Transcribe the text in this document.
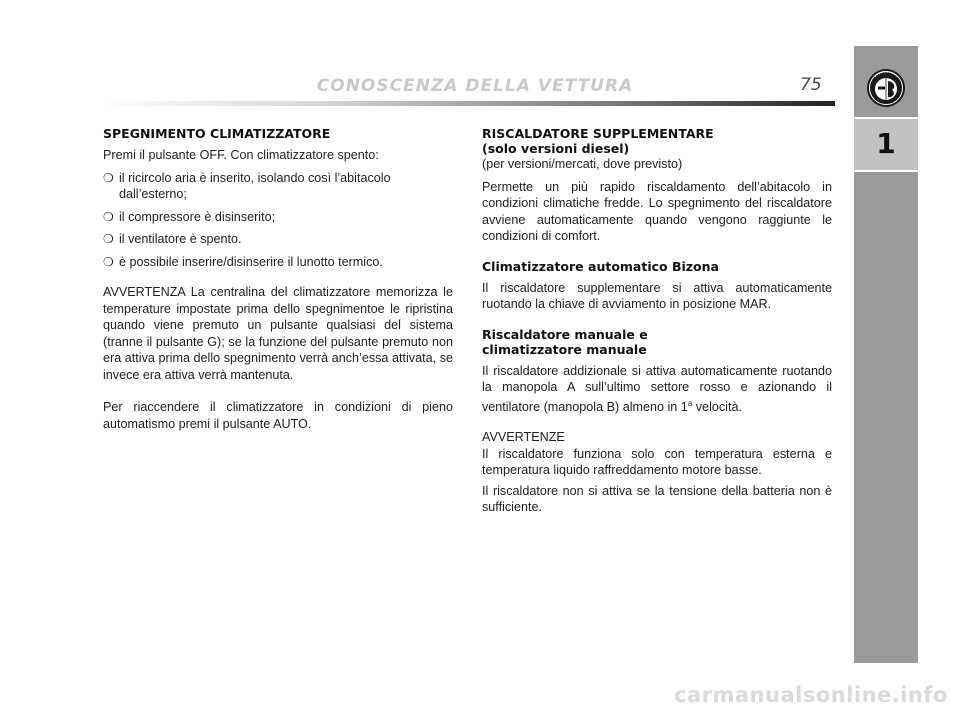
1
CONOSCENZA DELLA VETTURA	75

SPEGNIMENTO CLIMATIZZATORE

Premi il pulsante OFF. Con climatizzatore spento:

❍ il ricircolo aria è inserito, isolando così l’abitacolo dall’esterno;
❍ il compressore è disinserito;
❍ il ventilatore è spento.
❍ è possibile inserire/disinserire il lunotto termico.

AVVERTENZA La centralina del climatizzatore memorizza le temperature impostate prima dello spegnimentoe le ripristina quando viene premuto un pulsante qualsiasi del sistema (tranne il pulsante G); se la funzione del pulsante premuto non era attiva prima dello spegnimento verrà anch’essa attivata, se invece era attiva verrà mantenuta.

Per riaccendere il climatizzatore in condizioni di pieno automatismo premi il pulsante AUTO.

RISCALDATORE SUPPLEMENTARE

(solo versioni diesel)

(per versioni/mercati, dove previsto)

Permette un più rapido riscaldamento dell’abitacolo in condizioni climatiche fredde. Lo spegnimento del riscaldatore avviene automaticamente quando vengono raggiunte le condizioni di comfort.

Climatizzatore automatico Bizona

Il riscaldatore supplementare si attiva automaticamente ruotando la chiave di avviamento in posizione MAR.

Riscaldatore manuale e

climatizzatore manuale

Il riscaldatore addizionale si attiva automaticamente ruotando la manopola A sull’ultimo settore rosso e azionando il ventilatore (manopola B) almeno in 1$^a$ velocità.

AVVERTENZE

Il riscaldatore funziona solo con temperatura esterna e temperatura liquido raffreddamento motore basse.

Il riscaldatore non si attiva se la tensione della batteria non è sufficiente.

carmanualsonline.info
